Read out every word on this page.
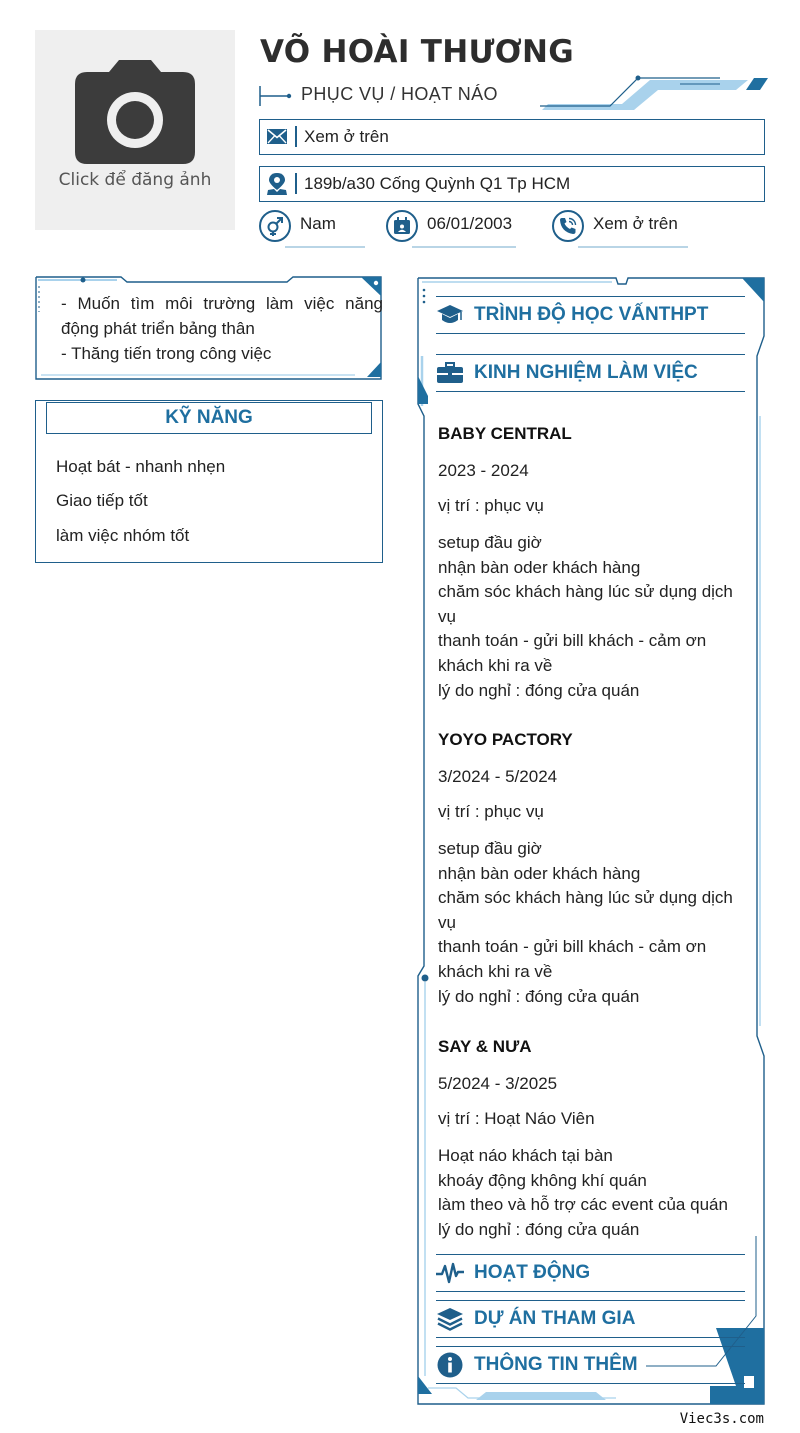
Click để đăng ảnh
VÕ HOÀI THƯƠNG
PHỤC VỤ / HOẠT NÁO
Xem ở trên
189b/a30 Cống Quỳnh Q1 Tp HCM
Nam	06/01/2003	Xem ở trên
- Muốn tìm môi trường làm việc năng động phát triển bảng thân
- Thăng tiến trong công việc
KỸ NĂNG
Hoạt bát - nhanh nhẹn
Giao tiếp tốt
làm việc nhóm tốt
TRÌNH ĐỘ HỌC VẤNTHPT
KINH NGHIỆM LÀM VIỆC
BABY CENTRAL
2023 - 2024
vị trí : phục vụ
setup đầu giờ
nhận bàn oder khách hàng
chăm sóc khách hàng lúc sử dụng dịch vụ
thanh toán - gửi bill khách - cảm ơn khách khi ra về
lý do nghỉ : đóng cửa quán
YOYO PACTORY
3/2024 - 5/2024
vị trí : phục vụ
setup đầu giờ
nhận bàn oder khách hàng
chăm sóc khách hàng lúc sử dụng dịch vụ
thanh toán - gửi bill khách - cảm ơn khách khi ra về
lý do nghỉ : đóng cửa quán
SAY & NƯA
5/2024 - 3/2025
vị trí : Hoạt Náo Viên
Hoạt náo khách tại bàn
khoáy động không khí quán
làm theo và hỗ trợ các event của quán
lý do nghỉ : đóng cửa quán
HOẠT ĐỘNG
DỰ ÁN THAM GIA
THÔNG TIN THÊM
Viec3s.com
